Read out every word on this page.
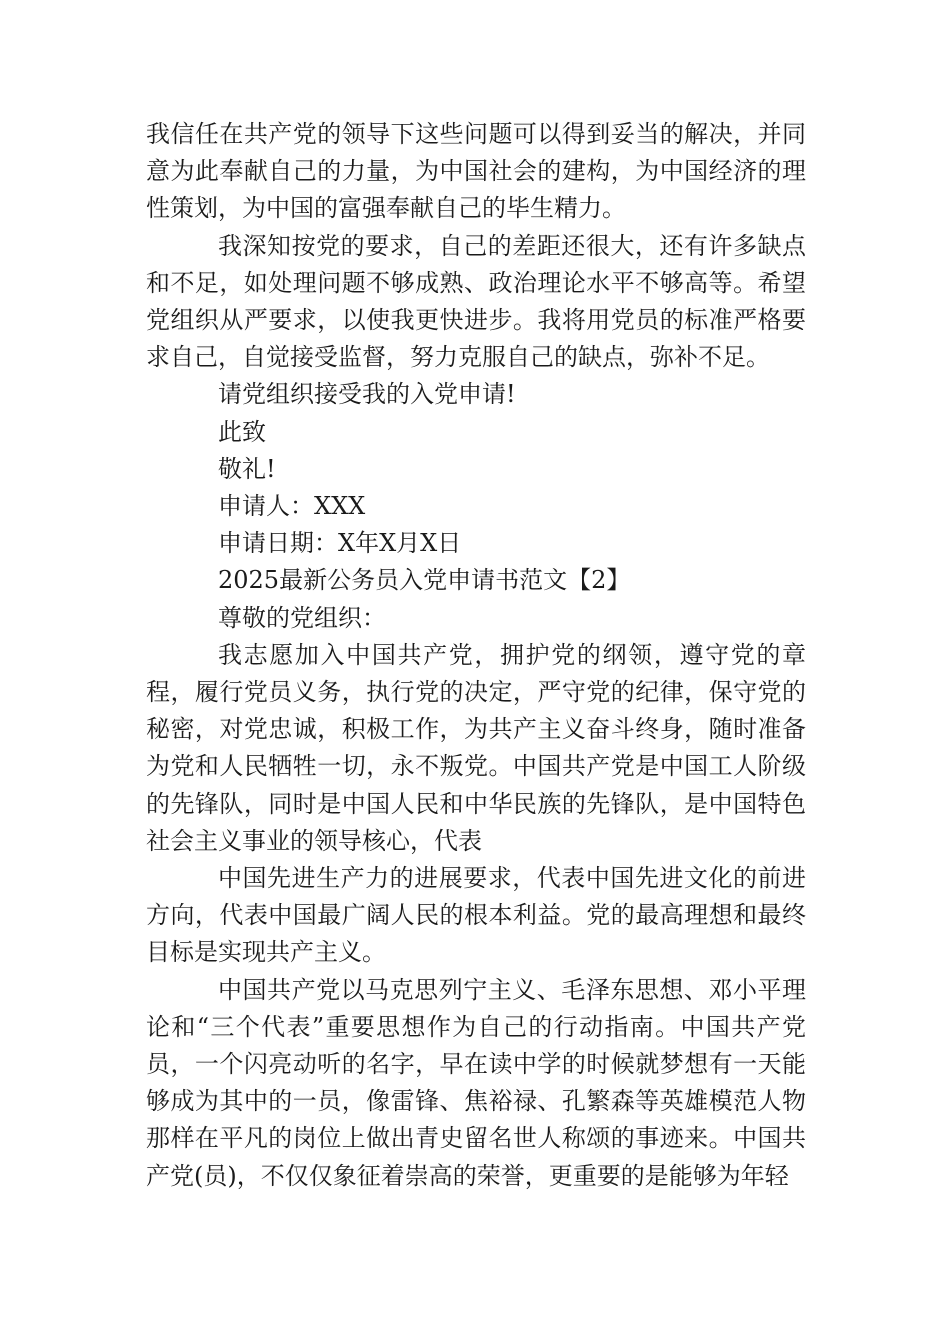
我信任在共产党的领导下这些问题可以得到妥当的解决，并同意为此奉献自己的力量，为中国社会的建构，为中国经济的理性策划，为中国的富强奉献自己的毕生精力。

我深知按党的要求，自己的差距还很大，还有许多缺点和不足，如处理问题不够成熟、政治理论水平不够高等。希望党组织从严要求，以使我更快进步。我将用党员的标准严格要求自己，自觉接受监督，努力克服自己的缺点，弥补不足。

请党组织接受我的入党申请!

此致

敬礼!

申请人：XXX

申请日期：X年X月X日

2025最新公务员入党申请书范文【2】

尊敬的党组织：

我志愿加入中国共产党，拥护党的纲领，遵守党的章程，履行党员义务，执行党的决定，严守党的纪律，保守党的秘密，对党忠诚，积极工作，为共产主义奋斗终身，随时准备为党和人民牺牲一切，永不叛党。中国共产党是中国工人阶级的先锋队，同时是中国人民和中华民族的先锋队，是中国特色社会主义事业的领导核心，代表

中国先进生产力的进展要求，代表中国先进文化的前进方向，代表中国最广阔人民的根本利益。党的最高理想和最终目标是实现共产主义。

中国共产党以马克思列宁主义、毛泽东思想、邓小平理论和“三个代表”重要思想作为自己的行动指南。中国共产党员，一个闪亮动听的名字，早在读中学的时候就梦想有一天能够成为其中的一员，像雷锋、焦裕禄、孔繁森等英雄模范人物那样在平凡的岗位上做出青史留名世人称颂的事迹来。中国共产党(员)，不仅仅象征着崇高的荣誉，更重要的是能够为年轻
